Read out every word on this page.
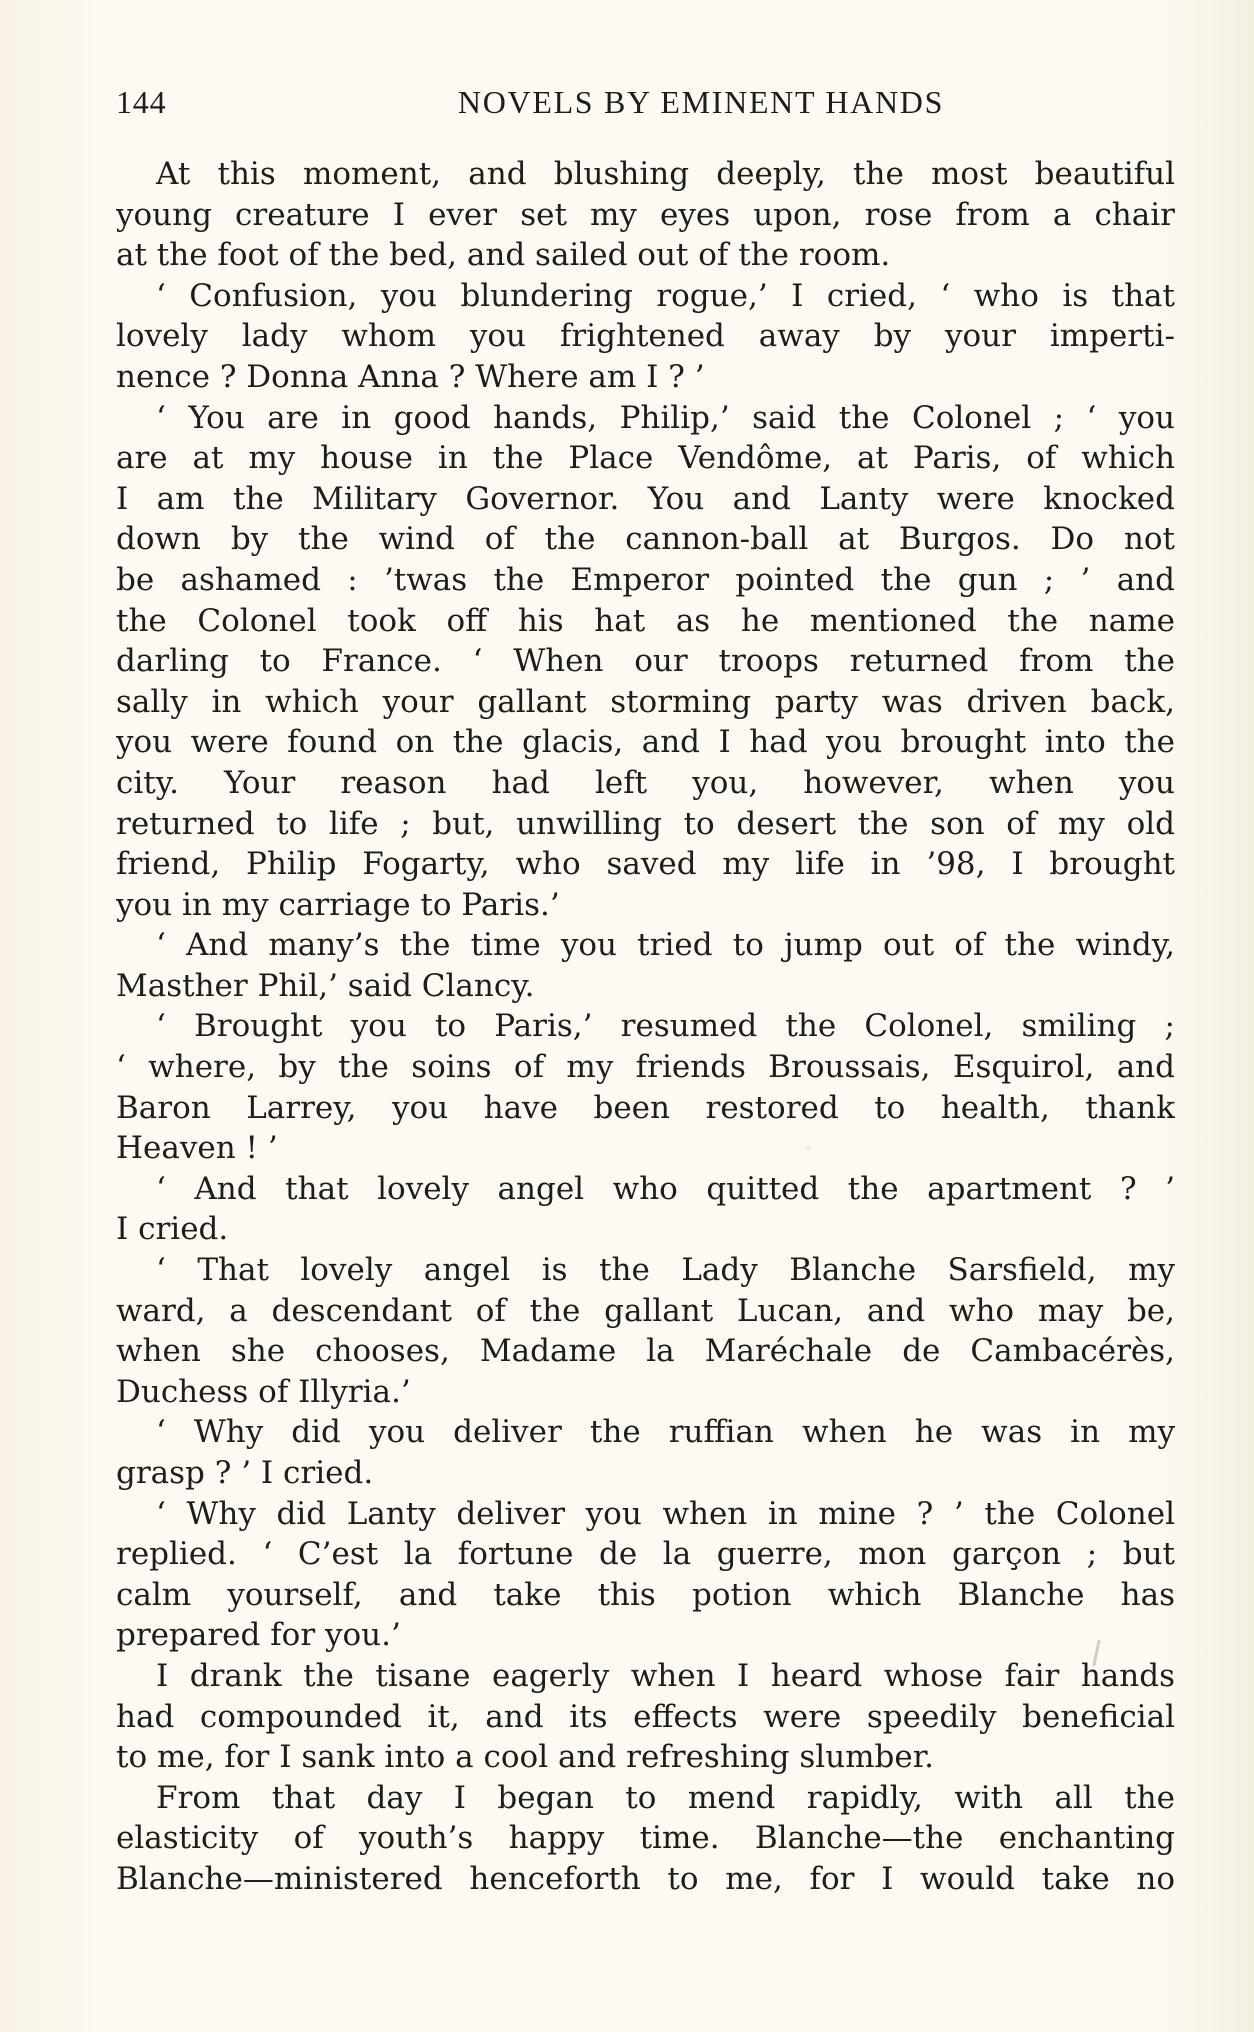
144	NOVELS BY EMINENT HANDS
At this moment, and blushing deeply, the most beautiful
young creature I ever set my eyes upon, rose from a chair
at the foot of the bed, and sailed out of the room.
‘ Confusion, you blundering rogue,’ I cried, ‘ who is that
lovely lady whom you frightened away by your imperti-
nence ? Donna Anna ? Where am I ? ’
‘ You are in good hands, Philip,’ said the Colonel ; ‘ you
are at my house in the Place Vendôme, at Paris, of which
I am the Military Governor. You and Lanty were knocked
down by the wind of the cannon-ball at Burgos. Do not
be ashamed : ’twas the Emperor pointed the gun ; ’ and
the Colonel took off his hat as he mentioned the name
darling to France. ‘ When our troops returned from the
sally in which your gallant storming party was driven back,
you were found on the glacis, and I had you brought into the
city. Your reason had left you, however, when you
returned to life ; but, unwilling to desert the son of my old
friend, Philip Fogarty, who saved my life in ’98, I brought
you in my carriage to Paris.’
‘ And many’s the time you tried to jump out of the windy,
Masther Phil,’ said Clancy.
‘ Brought you to Paris,’ resumed the Colonel, smiling ;
‘ where, by the soins of my friends Broussais, Esquirol, and
Baron Larrey, you have been restored to health, thank
Heaven ! ’
‘ And that lovely angel who quitted the apartment ? ’
I cried.
‘ That lovely angel is the Lady Blanche Sarsfield, my
ward, a descendant of the gallant Lucan, and who may be,
when she chooses, Madame la Maréchale de Cambacérès,
Duchess of Illyria.’
‘ Why did you deliver the ruffian when he was in my
grasp ? ’ I cried.
‘ Why did Lanty deliver you when in mine ? ’ the Colonel
replied. ‘ C’est la fortune de la guerre, mon garçon ; but
calm yourself, and take this potion which Blanche has
prepared for you.’
I drank the tisane eagerly when I heard whose fair hands
had compounded it, and its effects were speedily beneficial
to me, for I sank into a cool and refreshing slumber.
From that day I began to mend rapidly, with all the
elasticity of youth’s happy time. Blanche—the enchanting
Blanche—ministered henceforth to me, for I would take no
